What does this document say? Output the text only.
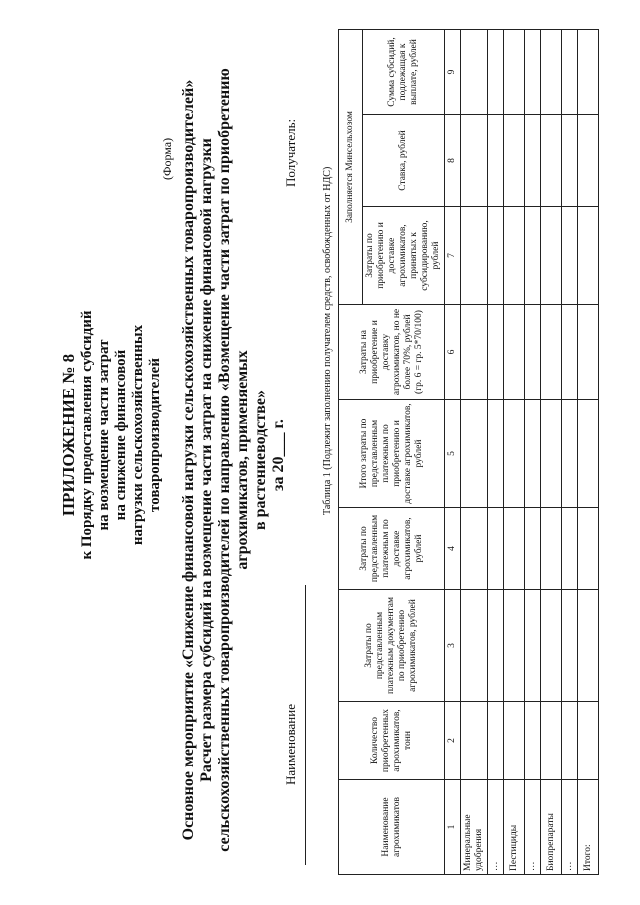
ПРИЛОЖЕНИЕ № 8 к Порядку предоставления субсидий на возмещение части затрат на снижение финансовой нагрузки сельскохозяйственных товаропроизводителей
(Форма) Основное мероприятие «Снижение финансовой нагрузки сельскохозяйственных товаропроизводителей» Расчет размера субсидий на возмещение части затрат на снижение финансовой нагрузки сельскохозяйственных товаропроизводителей по направлению «Возмещение части затрат по приобретению агрохимикатов, применяемых в растениеводстве» за 20___ г.
Наименование
Получатель:
Таблица 1 (Подлежит заполнению получателем средств, освобожденных от НДС)
Наименование агрохимикатов	Количество приобретенных агрохимикатов, тонн	Затраты по представленным платежным документам по приобретению агрохимикатов, рублей	Затраты по представленным платежным по доставке агрохимикатов, рублей	Итого затраты по представленным платежным по приобретению и доставке агрохимикатов, рублей	Затраты на приобретение и доставку агрохимикатов, но не более 70%, рублей (гр. 6 = гр. 5*70/100)	Заполняется Минсельхозом		
						Затраты по приобретению и доставке агрохимикатов, принятых к субсидированию, рублей	Ставка, рублей	Сумма субсидий, подлежащая к выплате, рублей
1	2	3	4	5	6	7	8	9
Минеральные удобрения								
…								
Пестициды								
…								
Биопрепараты								
…								
Итого:								
